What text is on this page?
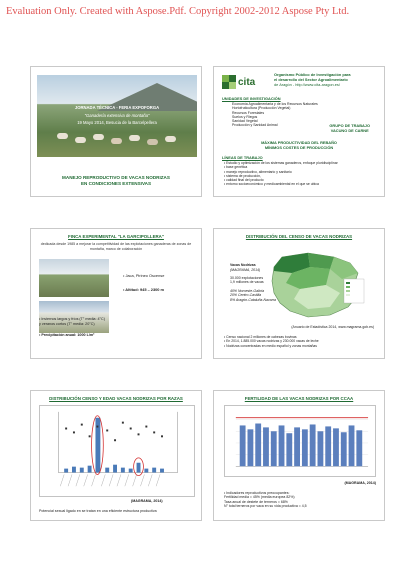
Evaluation Only. Created with Aspose.Pdf. Copyright 2002-2012 Aspose Pty Ltd.
JORNADA TÉCNICA - FERIA EXPOFORGA
"Ganadería extensiva de montaña"
19 Mayo 2014, Besucia de la Barcelpellera
MANEJO REPRODUCTIVO DE VACAS NODRIZAS
EN CONDICIONES EXTENSIVAS
cita
Organismo Público de Investigación para
el desarrollo del Sector Agroalimentario
de Aragón - http://www.cita-aragon.es/
UNIDADES DE INVESTIGACIÓN
Economía Agroalimentaria y de los Recursos Naturales
Hortofruticultura (Producción Vegetal)
Recursos Forestales
Suelos y Riegos
Sanidad Vegetal
Producción y Sanidad Animal	GRUPO DE TRABAJO
VACUNO DE CARNE
MÁXIMA PRODUCTIVIDAD DEL REBAÑO
MÍNIMOS COSTES DE PRODUCCIÓN
LÍNEAS DE TRABAJO
• Estudio y optimización de los sistemas ganaderos, enfoque pluridisciplinar
• base genética
• manejo reproductivo, alimentario y sanitario
• sistema de producción,
• calidad final del producto
• entorno socioeconómico y medioambiental en el que se ubica
FINCA EXPERIMENTAL "LA GARCIPOLLERA"
dedicada desde 1985 a mejorar la competitividad de las explotaciones ganaderas de zonas de montaña, marco de colaboración
• Jaca, Pirineo Oscense
• Altitud: 945 – 2300 m
• Inviernos largos y fríos (T° media: 4°C)
y veranos cortos (T° media: 20°C)
• Precipitación anual: 1000 L/m²
DISTRIBUCIÓN DEL CENSO DE VACAS NODRIZAS
Vacas Nodrizas
(MAGRAMA, 2014)
30.000 explotaciones
1,9 millones de vacas
40% Noroeste-Galicia
20% Centro-Castilla
8% Aragón-Cataluña-Navarra
(Anuario de Estadística 2014, www.magrama.gob.es)
• Censo nacional 2 millones de cabezas bovinas
• En 2014, 1.885.000 vacas nodrizas y 230.000 vacas de leche
• Nodrizas concentradas en medio español y zonas montañas
DISTRIBUCIÓN CENSO Y EDAD VACAS NODRIZAS POR RAZAS
(MAGRAMA, 2014)
Potencial sexual ligado en se tratan en una eficiente estructura productiva
FERTILIDAD DE LAS VACAS NODRIZAS POR CCAA
(MAGRAMA, 2014)
• Indicadores reproductivos preocupantes:
Fertilidad media = 45% (media europea 82%)
Tasa anual de destete de terneros = 68%
N° total terneros por vaca en su vida productiva = 4,5
